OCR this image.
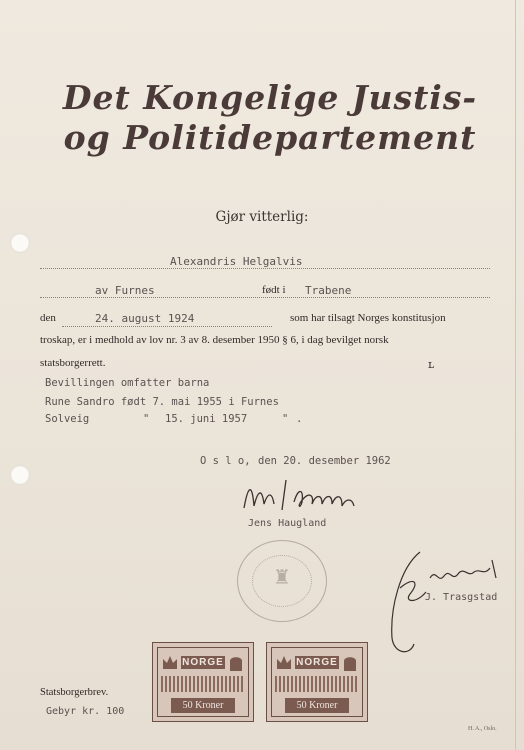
Det Kongelige Justis-
og Politidepartement
Gjør vitterlig:
Alexandris Helgalvis
av Furnes	født i Trabene
den	24. august 1924	som har tilsagt Norges konstitusjon
troskap, er i medhold av lov nr. 3 av 8. desember 1950 § 6, i dag bevilget norsk
statsborgerrett.	ʟ
Bevillingen omfatter barna
Rune Sandro født 7. mai 1955 i Furnes
Solveig	" 15. juni 1957	" .
O s l o, den 20. desember 1962
Jens Haugland
♜
J. Trasgstad
NORGE
50 Kroner
NORGE
50 Kroner
Statsborgerbrev.
Gebyr kr. 100
H. A., Oslo.
